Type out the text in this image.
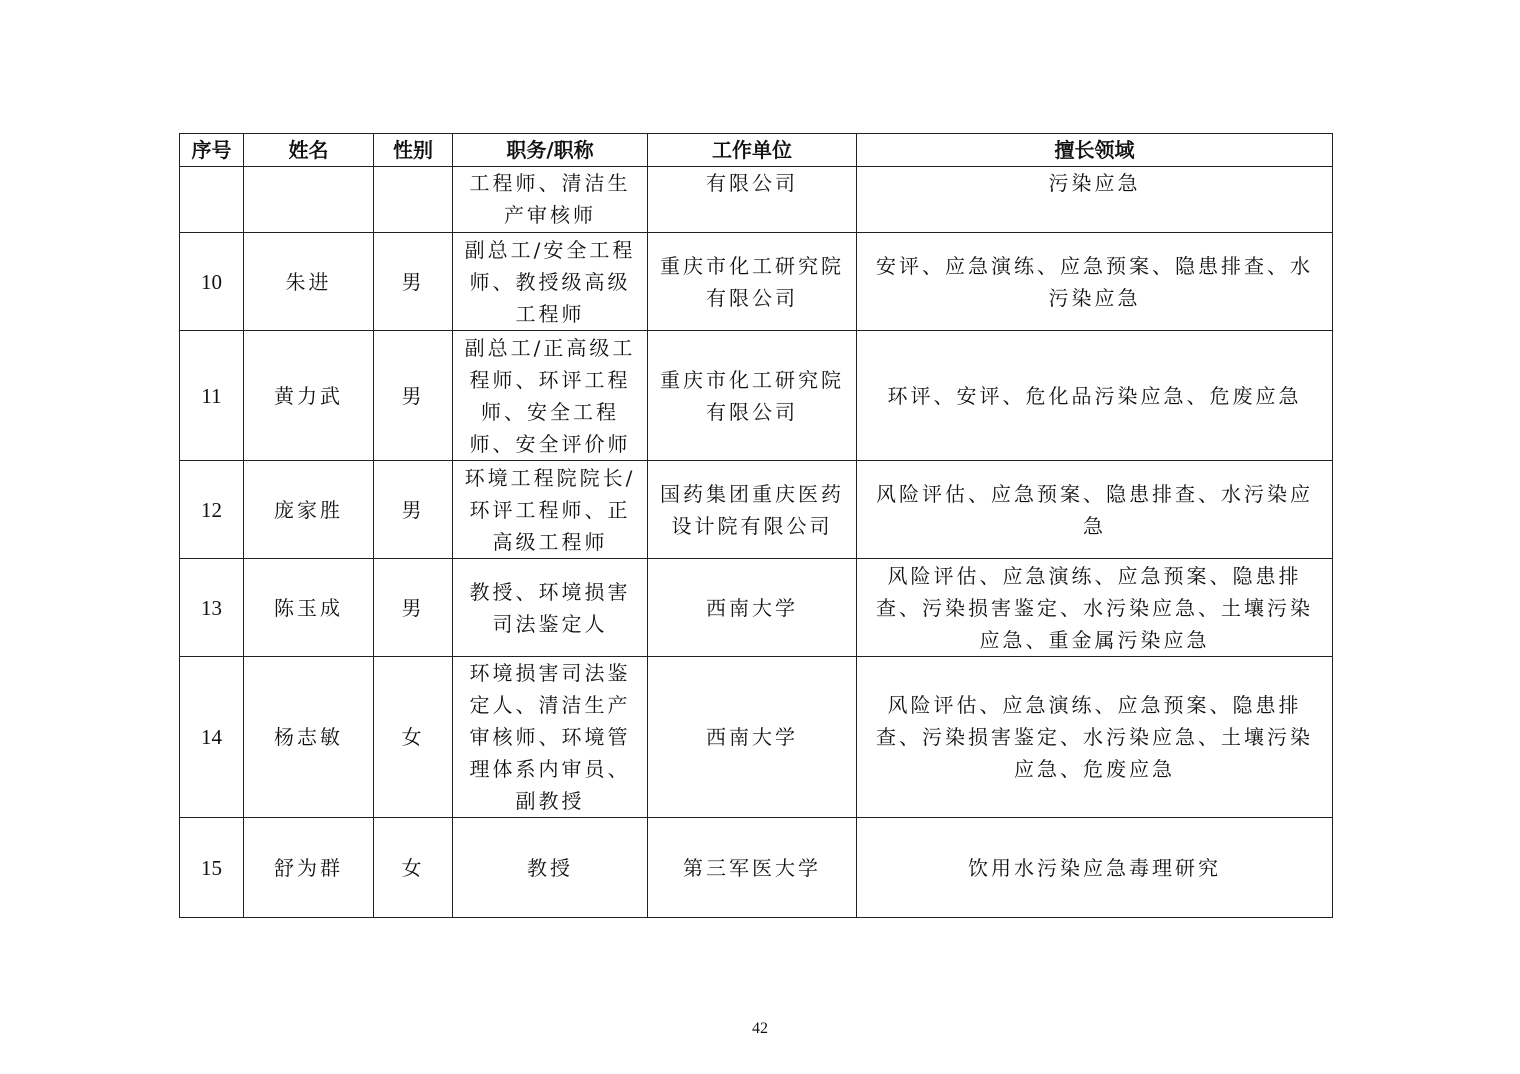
序号	姓名	性别	职务/职称	工作单位	擅长领域
			工程师、清洁生产审核师	有限公司	污染应急
10	朱进	男	副总工/安全工程师、教授级高级工程师	重庆市化工研究院有限公司	安评、应急演练、应急预案、隐患排查、水污染应急
11	黄力武	男	副总工/正高级工程师、环评工程师、安全工程师、安全评价师	重庆市化工研究院有限公司	环评、安评、危化品污染应急、危废应急
12	庞家胜	男	环境工程院院长/环评工程师、正高级工程师	国药集团重庆医药设计院有限公司	风险评估、应急预案、隐患排查、水污染应急
13	陈玉成	男	教授、环境损害司法鉴定人	西南大学	风险评估、应急演练、应急预案、隐患排查、污染损害鉴定、水污染应急、土壤污染应急、重金属污染应急
14	杨志敏	女	环境损害司法鉴定人、清洁生产审核师、环境管理体系内审员、副教授	西南大学	风险评估、应急演练、应急预案、隐患排查、污染损害鉴定、水污染应急、土壤污染应急、危废应急
15	舒为群	女	教授	第三军医大学	饮用水污染应急毒理研究
42
